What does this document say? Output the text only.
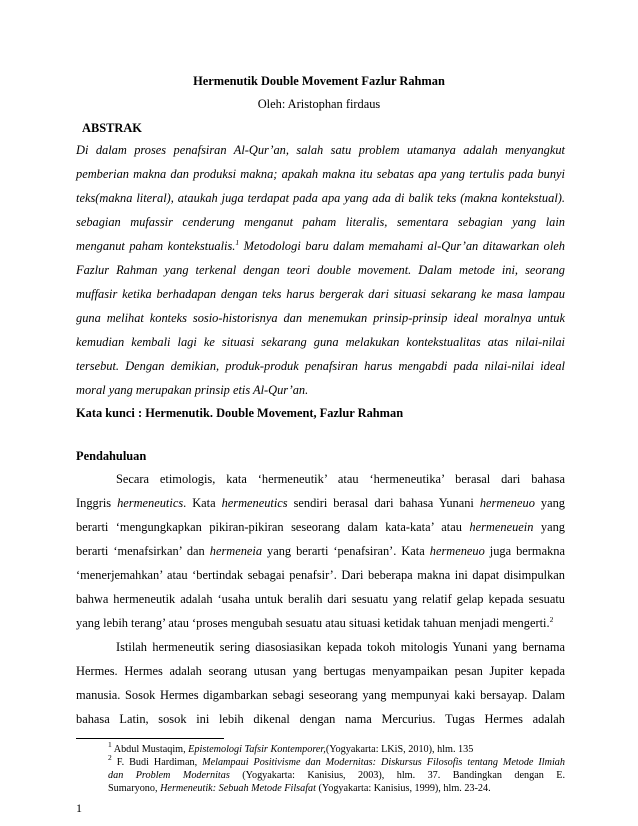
Hermenutik Double Movement Fazlur Rahman
Oleh: Aristophan firdaus
ABSTRAK
Di dalam proses penafsiran Al-Qur’an, salah satu problem utamanya adalah menyangkut
pemberian makna dan produksi makna; apakah makna itu sebatas apa yang tertulis pada bunyi
teks(makna literal), ataukah juga terdapat pada apa yang ada di balik teks (makna kontekstual).
sebagian mufassir cenderung menganut paham literalis, sementara sebagian yang lain
menganut paham kontekstualis.$^1$ Metodologi baru dalam memahami al-Qur’an ditawarkan oleh
Fazlur Rahman yang terkenal dengan teori double movement. Dalam metode ini, seorang
muffasir ketika berhadapan dengan teks harus bergerak dari situasi sekarang ke masa lampau
guna melihat konteks sosio-historisnya dan menemukan prinsip-prinsip ideal moralnya untuk
kemudian kembali lagi ke situasi sekarang guna melakukan kontekstualitas atas nilai-nilai
tersebut. Dengan demikian, produk-produk penafsiran harus mengabdi pada nilai-nilai ideal
moral yang merupakan prinsip etis Al-Qur’an.
Kata kunci : Hermenutik. Double Movement, Fazlur Rahman
Pendahuluan
Secara etimologis, kata ‘hermeneutik’ atau ‘hermeneutika’ berasal dari bahasa
Inggris hermeneutics. Kata hermeneutics sendiri berasal dari bahasa Yunani hermeneuo yang
berarti ‘mengungkapkan pikiran-pikiran seseorang dalam kata-kata’ atau hermeneuein yang
berarti ‘menafsirkan’ dan hermeneia yang berarti ‘penafsiran’. Kata hermeneuo juga bermakna
‘menerjemahkan’ atau ‘bertindak sebagai penafsir’. Dari beberapa makna ini dapat disimpulkan
bahwa hermeneutik adalah ‘usaha untuk beralih dari sesuatu yang relatif gelap kepada sesuatu
yang lebih terang’ atau ‘proses mengubah sesuatu atau situasi ketidak tahuan menjadi mengerti.$^2$
Istilah hermeneutik sering diasosiasikan kepada tokoh mitologis Yunani yang bernama
Hermes. Hermes adalah seorang utusan yang bertugas menyampaikan pesan Jupiter kepada
manusia. Sosok Hermes digambarkan sebagi seseorang yang mempunyai kaki bersayap. Dalam
bahasa Latin, sosok ini lebih dikenal dengan nama Mercurius. Tugas Hermes adalah
$^1$ Abdul Mustaqim, Epistemologi Tafsir Kontemporer,(Yogyakarta: LKiS, 2010), hlm. 135
$^2$ F. Budi Hardiman, Melampaui Positivisme dan Modernitas: Diskursus Filosofis tentang Metode Ilmiah
dan Problem Modernitas (Yogyakarta: Kanisius, 2003), hlm. 37. Bandingkan dengan E.
Sumaryono, Hermeneutik: Sebuah Metode Filsafat (Yogyakarta: Kanisius, 1999), hlm. 23-24.
1
